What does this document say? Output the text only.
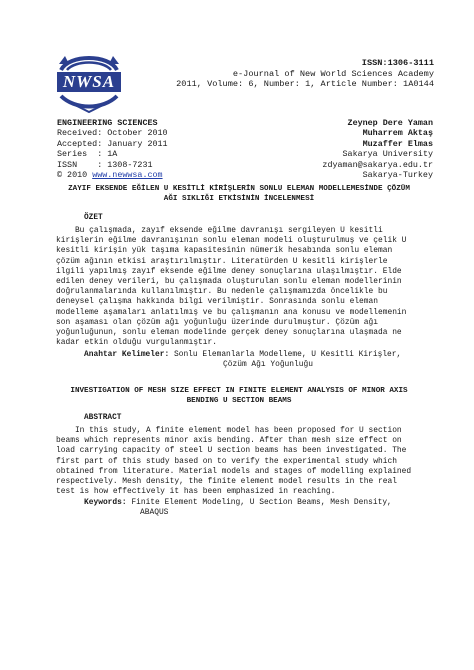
NWSA
ISSN:1306-3111
e-Journal of New World Sciences Academy
2011, Volume: 6, Number: 1, Article Number: 1A0144
ENGINEERING SCIENCES
Received: October 2010
Accepted: January 2011
Series  : 1A
ISSN    : 1308-7231
© 2010 www.newwsa.com
Zeynep Dere Yaman
Muharrem Aktaş
Muzaffer Elmas
Sakarya University
zdyaman@sakarya.edu.tr
Sakarya-Turkey
ZAYIF EKSENDE EĞİLEN U KESİTLİ KİRİŞLERİN SONLU ELEMAN MODELLEMESİNDE ÇÖZÜM
AĞI SIKLIĞI ETKİSİNİN İNCELENMESİ
ÖZET
Bu çalışmada, zayıf eksende eğilme davranışı sergileyen U kesitli
kirişlerin eğilme davranışının sonlu eleman modeli oluşturulmuş ve çelik U
kesitli kirişin yük taşıma kapasitesinin nümerik hesabında sonlu eleman
çözüm ağının etkisi araştırılmıştır. Literatürden U kesitli kirişlerle
ilgili yapılmış zayıf eksende eğilme deney sonuçlarına ulaşılmıştır. Elde
edilen deney verileri, bu çalışmada oluşturulan sonlu eleman modellerinin
doğrulanmalarında kullanılmıştır. Bu nedenle çalışmamızda öncelikle bu
deneysel çalışma hakkında bilgi verilmiştir. Sonrasında sonlu eleman
modelleme aşamaları anlatılmış ve bu çalışmanın ana konusu ve modellemenin
son aşaması olan çözüm ağı yoğunluğu üzerinde durulmuştur. Çözüm ağı
yoğunluğunun, sonlu eleman modelinde gerçek deney sonuçlarına ulaşmada ne
kadar etkin olduğu vurgulanmıştır.
Anahtar Kelimeler: Sonlu Elemanlarla Modelleme, U Kesitli Kirişler,
Çözüm Ağı Yoğunluğu
INVESTIGATION OF MESH SIZE EFFECT IN FINITE ELEMENT ANALYSIS OF MINOR AXIS
BENDING U SECTION BEAMS
ABSTRACT
In this study, A finite element model has been proposed for U section
beams which represents minor axis bending. After than mesh size effect on
load carrying capacity of steel U section beams has been investigated. The
first part of this study based on to verify the experimental study which
obtained from literature. Material models and stages of modelling explained
respectively. Mesh density, the finite element model results in the real
test is how effectively it has been emphasized in reaching.
Keywords: Finite Element Modeling, U Section Beams, Mesh Density,
ABAQUS
